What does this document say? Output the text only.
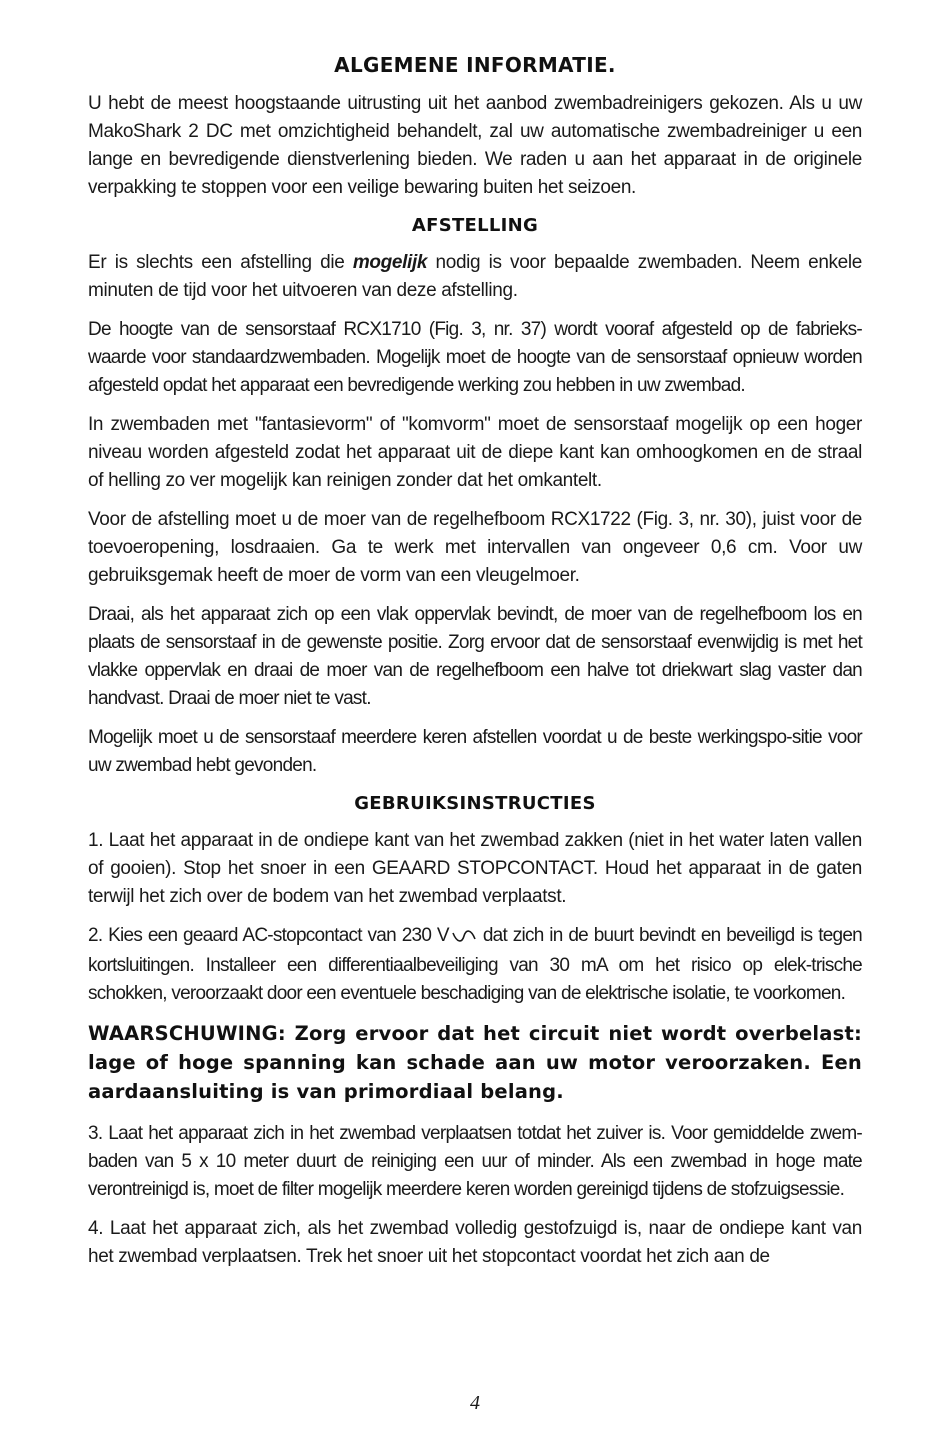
ALGEMENE INFORMATIE.

U hebt de meest hoogstaande uitrusting uit het aanbod zwembadreinigers gekozen. Als u uw MakoShark 2 DC met omzichtigheid behandelt, zal uw automatische zwembadreiniger u een lange en bevredigende dienstverlening bieden. We raden u aan het apparaat in de originele verpakking te stoppen voor een veilige bewaring buiten het seizoen.

AFSTELLING

Er is slechts een afstelling die mogelijk nodig is voor bepaalde zwembaden. Neem enkele minuten de tijd voor het uitvoeren van deze afstelling.

De hoogte van de sensorstaaf RCX1710 (Fig. 3, nr. 37) wordt vooraf afgesteld op de fabrieks-waarde voor standaardzwembaden. Mogelijk moet de hoogte van de sensorstaaf opnieuw worden afgesteld opdat het apparaat een bevredigende werking zou hebben in uw zwembad.

In zwembaden met "fantasievorm" of "komvorm" moet de sensorstaaf mogelijk op een hoger niveau worden afgesteld zodat het apparaat uit de diepe kant kan omhoogkomen en de straal of helling zo ver mogelijk kan reinigen zonder dat het omkantelt.

Voor de afstelling moet u de moer van de regelhefboom RCX1722 (Fig. 3, nr. 30), juist voor de toevoeropening, losdraaien. Ga te werk met intervallen van ongeveer 0,6 cm. Voor uw gebruiksgemak heeft de moer de vorm van een vleugelmoer.

Draai, als het apparaat zich op een vlak oppervlak bevindt, de moer van de regelhefboom los en plaats de sensorstaaf in de gewenste positie. Zorg ervoor dat de sensorstaaf evenwijdig is met het vlakke oppervlak en draai de moer van de regelhefboom een halve tot driekwart slag vaster dan handvast. Draai de moer niet te vast.

Mogelijk moet u de sensorstaaf meerdere keren afstellen voordat u de beste werkingspo-sitie voor uw zwembad hebt gevonden.

GEBRUIKSINSTRUCTIES

1. Laat het apparaat in de ondiepe kant van het zwembad zakken (niet in het water laten vallen of gooien). Stop het snoer in een GEAARD STOPCONTACT. Houd het apparaat in de gaten terwijl het zich over de bodem van het zwembad verplaatst.

2. Kies een geaard AC-stopcontact van 230 V dat zich in de buurt bevindt en beveiligd is tegen kortsluitingen. Installeer een differentiaalbeveiliging van 30 mA om het risico op elek-trische schokken, veroorzaakt door een eventuele beschadiging van de elektrische isolatie, te voorkomen.

WAARSCHUWING: Zorg ervoor dat het circuit niet wordt overbelast: lage of hoge spanning kan schade aan uw motor veroorzaken. Een aardaansluiting is van primordiaal belang.

3. Laat het apparaat zich in het zwembad verplaatsen totdat het zuiver is. Voor gemiddelde zwem-baden van 5 x 10 meter duurt de reiniging een uur of minder. Als een zwembad in hoge mate verontreinigd is, moet de filter mogelijk meerdere keren worden gereinigd tijdens de stofzuigsessie.

4. Laat het apparaat zich, als het zwembad volledig gestofzuigd is, naar de ondiepe kant van het zwembad verplaatsen. Trek het snoer uit het stopcontact voordat het zich aan de

4
